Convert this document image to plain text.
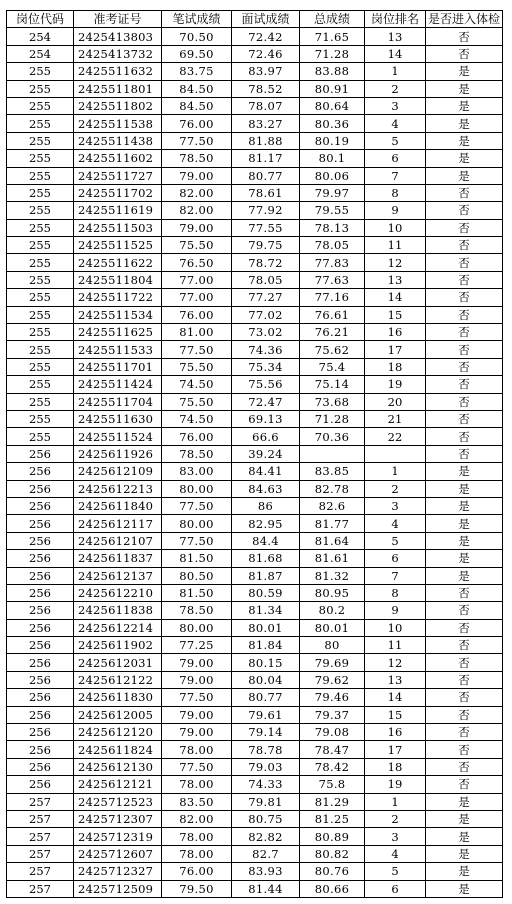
岗位代码	准考证号	笔试成绩	面试成绩	总成绩	岗位排名	是否进入体检
254	2425413803	70.50	72.42	71.65	13	否
254	2425413732	69.50	72.46	71.28	14	否
255	2425511632	83.75	83.97	83.88	1	是
255	2425511801	84.50	78.52	80.91	2	是
255	2425511802	84.50	78.07	80.64	3	是
255	2425511538	76.00	83.27	80.36	4	是
255	2425511438	77.50	81.88	80.19	5	是
255	2425511602	78.50	81.17	80.1	6	是
255	2425511727	79.00	80.77	80.06	7	是
255	2425511702	82.00	78.61	79.97	8	否
255	2425511619	82.00	77.92	79.55	9	否
255	2425511503	79.00	77.55	78.13	10	否
255	2425511525	75.50	79.75	78.05	11	否
255	2425511622	76.50	78.72	77.83	12	否
255	2425511804	77.00	78.05	77.63	13	否
255	2425511722	77.00	77.27	77.16	14	否
255	2425511534	76.00	77.02	76.61	15	否
255	2425511625	81.00	73.02	76.21	16	否
255	2425511533	77.50	74.36	75.62	17	否
255	2425511701	75.50	75.34	75.4	18	否
255	2425511424	74.50	75.56	75.14	19	否
255	2425511704	75.50	72.47	73.68	20	否
255	2425511630	74.50	69.13	71.28	21	否
255	2425511524	76.00	66.6	70.36	22	否
256	2425611926	78.50	39.24			否
256	2425612109	83.00	84.41	83.85	1	是
256	2425612213	80.00	84.63	82.78	2	是
256	2425611840	77.50	86	82.6	3	是
256	2425612117	80.00	82.95	81.77	4	是
256	2425612107	77.50	84.4	81.64	5	是
256	2425611837	81.50	81.68	81.61	6	是
256	2425612137	80.50	81.87	81.32	7	是
256	2425612210	81.50	80.59	80.95	8	否
256	2425611838	78.50	81.34	80.2	9	否
256	2425612214	80.00	80.01	80.01	10	否
256	2425611902	77.25	81.84	80	11	否
256	2425612031	79.00	80.15	79.69	12	否
256	2425612122	79.00	80.04	79.62	13	否
256	2425611830	77.50	80.77	79.46	14	否
256	2425612005	79.00	79.61	79.37	15	否
256	2425612120	79.00	79.14	79.08	16	否
256	2425611824	78.00	78.78	78.47	17	否
256	2425612130	77.50	79.03	78.42	18	否
256	2425612121	78.00	74.33	75.8	19	否
257	2425712523	83.50	79.81	81.29	1	是
257	2425712307	82.00	80.75	81.25	2	是
257	2425712319	78.00	82.82	80.89	3	是
257	2425712607	78.00	82.7	80.82	4	是
257	2425712327	76.00	83.93	80.76	5	是
257	2425712509	79.50	81.44	80.66	6	是
